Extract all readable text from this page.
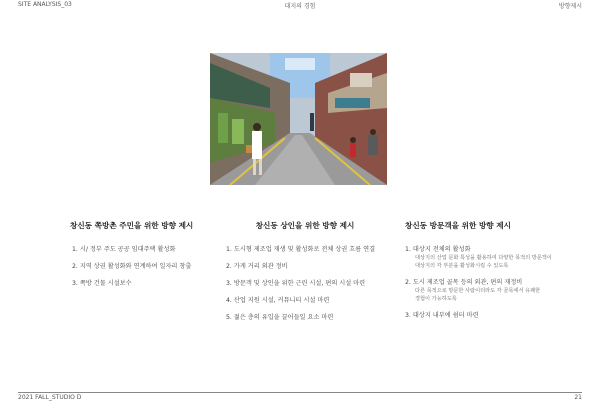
SITE ANALYSIS_03	대지의 경험	방향제시
창신동 쪽방촌 주민을 위한 방향 제시
1. 시/ 정부 주도 공공 임대주택 활성화
2. 지역 상권 활성화와 연계하여 일자리 창출
3. 쪽방 건물 시설보수
창신동 상인을 위한 방향 제시
1. 도시형 제조업 재생 및 활성화로 전체 상권 흐름 연결
2. 가게 거리 외관 정비
3. 방문객 및 상인을 위한 근린 시설, 편의 시설 마련
4. 산업 지원 시설, 커뮤니티 시설 마련
5. 젊은 층의 유입을 끌어들일 요소 마련
창신동 방문객을 위한 방향 제시
1. 대상지 전체의 활성화
대상지의 산업 문화 특성을 활용하여 다양한 목적의 방문객이
대상지의 각 부분을 활성화시킬 수 있도록
2. 도시 제조업 골목 등의 외관, 편의 재정비
다른 목적으로 방문한 사람이더라도 각 골목에서 유쾌한
경험이 가능하도록
3. 대상지 내부에 쉼터 마련
2021 FALL_STUDIO D	21
